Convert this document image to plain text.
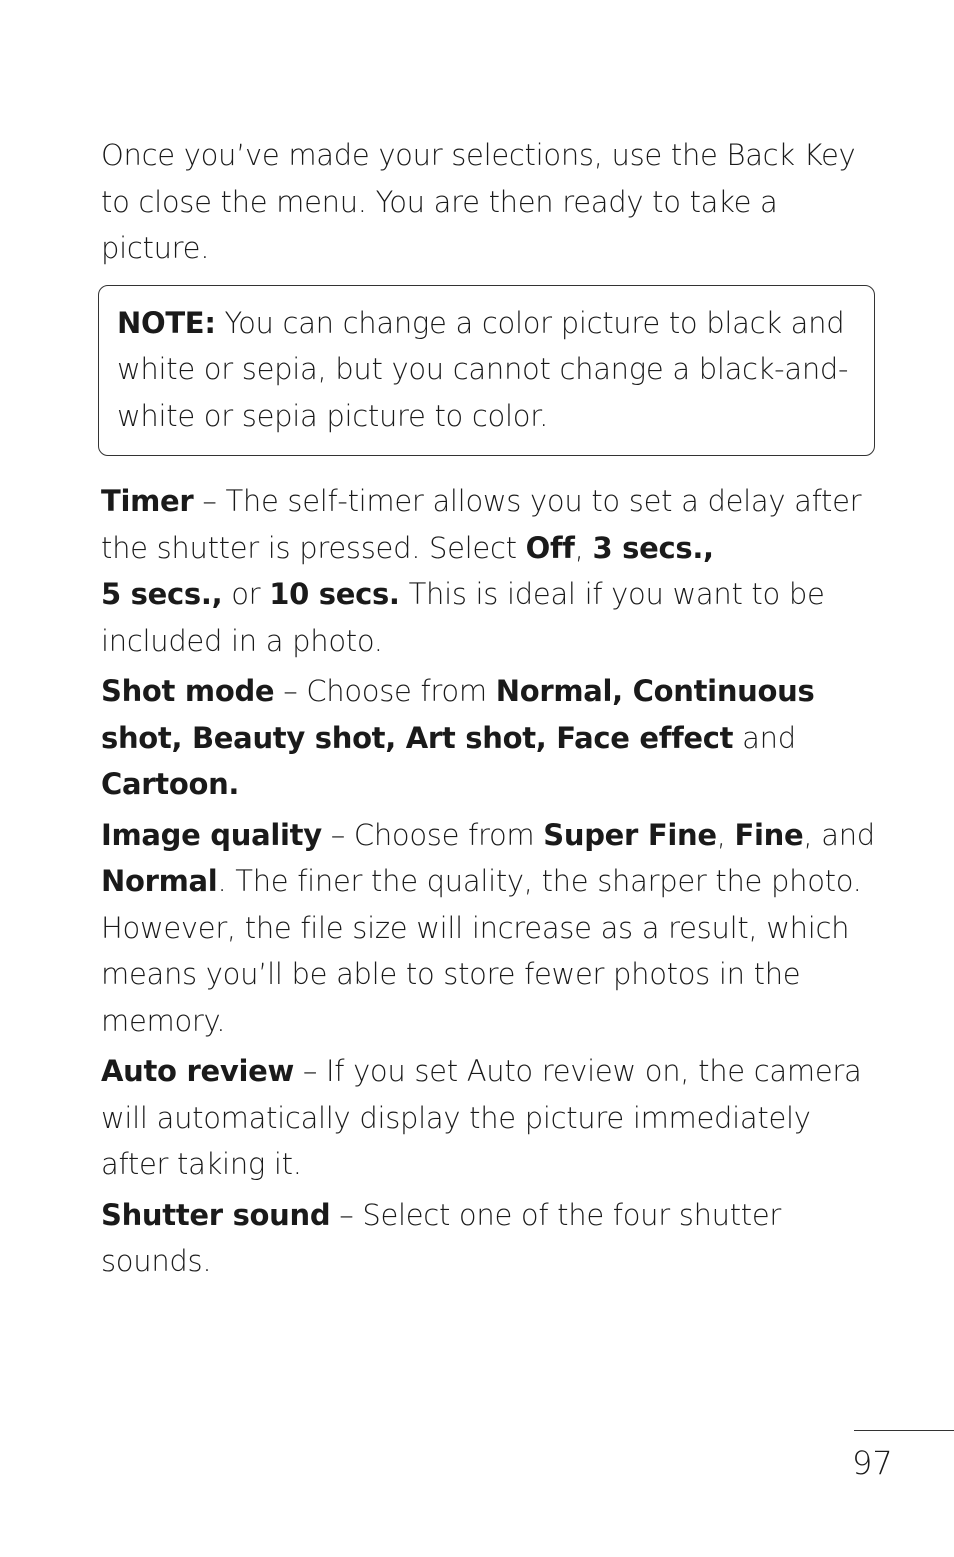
Once you’ve made your selections, use the Back Key to close the menu. You are then ready to take a picture.

NOTE: You can change a color picture to black and white or sepia, but you cannot change a black-and-white or sepia picture to color.

Timer – The self-timer allows you to set a delay after the shutter is pressed. Select Off, 3 secs.,
5 secs., or 10 secs. This is ideal if you want to be included in a photo.

Shot mode – Choose from Normal, Continuous shot, Beauty shot, Art shot, Face effect and
Cartoon.

Image quality – Choose from Super Fine, Fine, and Normal. The finer the quality, the sharper the photo. However, the file size will increase as a result, which means you’ll be able to store fewer photos in the memory.

Auto review – If you set Auto review on, the camera will automatically display the picture immediately after taking it.

Shutter sound – Select one of the four shutter sounds.

97
